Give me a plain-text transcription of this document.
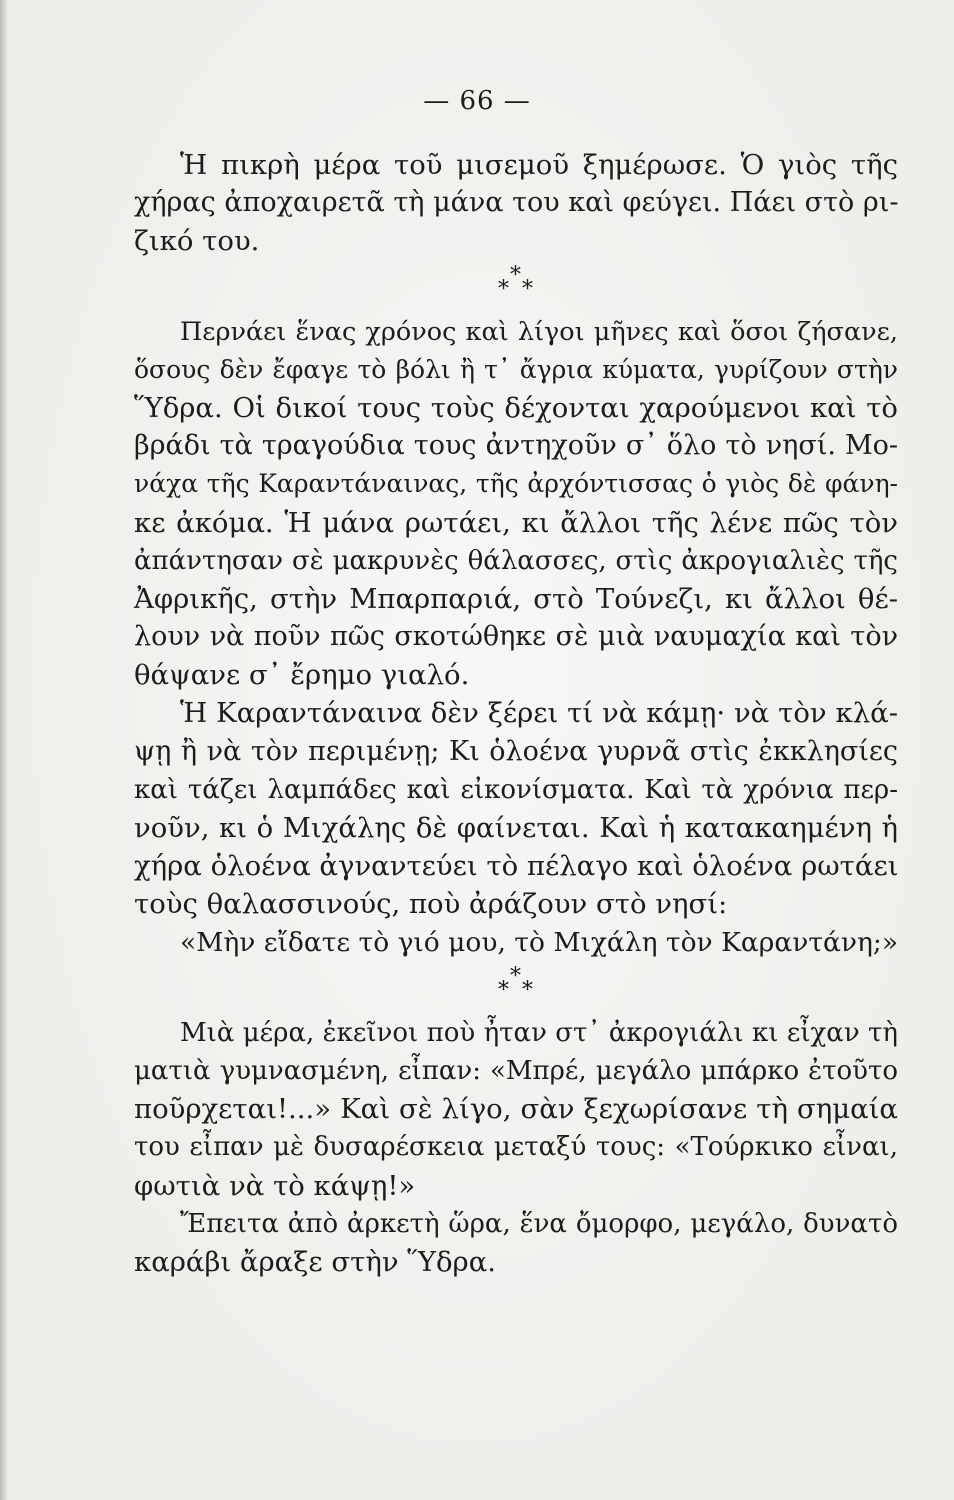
— 66 —
Ἡ πικρὴ μέρα τοῦ μισεμοῦ ξημέρωσε. Ὁ γιὸς τῆς
χήρας ἀποχαιρετᾶ τὴ μάνα του καὶ φεύγει. Πάει στὸ ρι-
ζικό του.
*
* *
Περνάει ἕνας χρόνος καὶ λίγοι μῆνες καὶ ὅσοι ζήσανε,
ὅσους δὲν ἔφαγε τὸ βόλι ἢ τ᾽ ἄγρια κύματα, γυρίζουν στὴν
Ὕδρα. Οἱ δικοί τους τοὺς δέχονται χαρούμενοι καὶ τὸ
βράδι τὰ τραγούδια τους ἀντηχοῦν σ᾽ ὅλο τὸ νησί. Μο-
νάχα τῆς Καραντάναινας, τῆς ἀρχόντισσας ὁ γιὸς δὲ φάνη-
κε ἀκόμα. Ἡ μάνα ρωτάει, κι ἄλλοι τῆς λένε πῶς τὸν
ἀπάντησαν σὲ μακρυνὲς θάλασσες, στὶς ἀκρογιαλιὲς τῆς
Ἀφρικῆς, στὴν Μπαρπαριά, στὸ Τούνεζι, κι ἄλλοι θέ-
λουν νὰ ποῦν πῶς σκοτώθηκε σὲ μιὰ ναυμαχία καὶ τὸν
θάψανε σ᾽ ἔρημο γιαλό.
Ἡ Καραντάναινα δὲν ξέρει τί νὰ κάμῃ· νὰ τὸν κλά-
ψῃ ἢ νὰ τὸν περιμένῃ; Κι ὁλοένα γυρνᾶ στὶς ἐκκλησίες
καὶ τάζει λαμπάδες καὶ εἰκονίσματα. Καὶ τὰ χρόνια περ-
νοῦν, κι ὁ Μιχάλης δὲ φαίνεται. Καὶ ἡ κατακαημένη ἡ
χήρα ὁλοένα ἀγναντεύει τὸ πέλαγο καὶ ὁλοένα ρωτάει
τοὺς θαλασσινούς, ποὺ ἀράζουν στὸ νησί:
«Μὴν εἴδατε τὸ γιό μου, τὸ Μιχάλη τὸν Καραντάνη;»
*
* *
Μιὰ μέρα, ἐκεῖνοι ποὺ ἦταν στ᾽ ἀκρογιάλι κι εἶχαν τὴ
ματιὰ γυμνασμένη, εἶπαν: «Μπρέ, μεγάλο μπάρκο ἐτοῦτο
ποῦρχεται!...» Καὶ σὲ λίγο, σὰν ξεχωρίσανε τὴ σημαία
του εἶπαν μὲ δυσαρέσκεια μεταξύ τους: «Τούρκικο εἶναι,
φωτιὰ νὰ τὸ κάψῃ!»
Ἔπειτα ἀπὸ ἀρκετὴ ὥρα, ἕνα ὄμορφο, μεγάλο, δυνατὸ
καράβι ἄραξε στὴν Ὕδρα.
